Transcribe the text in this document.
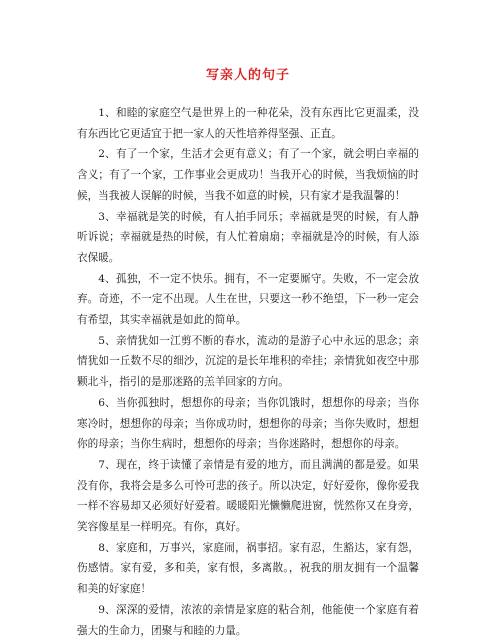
写亲人的句子

1、和睦的家庭空气是世界上的一种花朵，没有东西比它更温柔，没有东西比它更适宜于把一家人的天性培养得坚强、正直。

2、有了一个家，生活才会更有意义；有了一个家，就会明白幸福的含义；有了一个家，工作事业会更成功！当我开心的时候，当我烦恼的时候，当我被人误解的时候，当我不如意的时候，只有家才是我温馨的！

3、幸福就是笑的时候，有人拍手同乐；幸福就是哭的时候，有人静听诉说；幸福就是热的时候，有人忙着扇扇；幸福就是冷的时候，有人添衣保暖。

4、孤独，不一定不快乐。拥有，不一定要厮守。失败，不一定会放弃。奇迹，不一定不出现。人生在世，只要这一秒不绝望，下一秒一定会有希望，其实幸福就是如此的简单。

5、亲情犹如一江剪不断的春水，流动的是游子心中永远的思念；亲情犹如一丘数不尽的细沙，沉淀的是长年堆积的牵挂；亲情犹如夜空中那颗北斗，指引的是那迷路的羔羊回家的方向。

6、当你孤独时，想想你的母亲；当你饥饿时，想想你的母亲；当你寒冷时，想想你的母亲；当你成功时，想想你的母亲；当你失败时，想想你的母亲；当你生病时，想想你的母亲；当你迷路时，想想你的母亲。

7、现在，终于读懂了亲情是有爱的地方，而且满满的都是爱。如果没有你，我将会是多么可怜可悲的孩子。所以决定，好好爱你，像你爱我一样不容易却又必须好好爱着。暖暖阳光懒懒爬进窗，恍然你又在身旁，笑容像星星一样明亮。有你，真好。

8、家庭和，万事兴，家庭闹，祸事招。家有忍，生豁达，家有怨，伤感情。家有爱，多和美，家有恨，多离散。，祝我的朋友拥有一个温馨和美的好家庭！

9、深深的爱情，浓浓的亲情是家庭的粘合剂，他能使一个家庭有着强大的生命力，团聚与和睦的力量。
